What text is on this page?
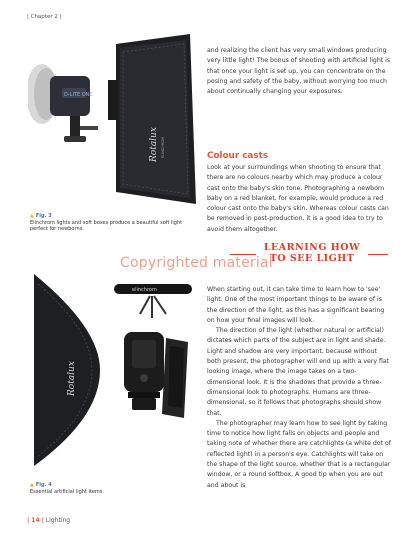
| Chapter 2 |
D-LITE ONE
Rotalux ELINCHROM
▲ Fig. 3
Elinchrom lights and soft boxes produce a beautiful soft light perfect for newborns.
Rotalux
elinchrom
▲ Fig. 4
Essential artificial light items.

and realizing the client has very small windows producing very little light! The bonus of shooting with artificial light is that once your light is set up, you can concentrate on the posing and safety of the baby, without worrying too much about continually changing your exposures.

Colour casts

Look at your surroundings when shooting to ensure that there are no colours nearby which may produce a colour cast onto the baby's skin tone. Photographing a newborn baby on a red blanket, for example, would produce a red colour cast onto the baby's skin. Whereas colour casts can be removed in post-production, it is a good idea to try to avoid them altogether.

LEARNING HOW
TO SEE LIGHT
Copyrighted material

When starting out, it can take time to learn how to 'see' light. One of the most important things to be aware of is the direction of the light, as this has a significant bearing on how your final images will look.

The direction of the light (whether natural or artificial) dictates which parts of the subject are in light and shade. Light and shadow are very important, because without both present, the photographer will end up with a very flat looking image, where the image takes on a two-dimensional look. It is the shadows that provide a three-dimensional look to photographs. Humans are three-dimensional, so it follows that photographs should show that.

The photographer may learn how to see light by taking time to notice how light falls on objects and people and taking note of whether there are catchlights (a white dot of reflected light) in a person's eye. Catchlights will take on the shape of the light source, whether that is a rectangular window, or a round softbox. A good tip when you are out and about is

| 14 | Lighting
